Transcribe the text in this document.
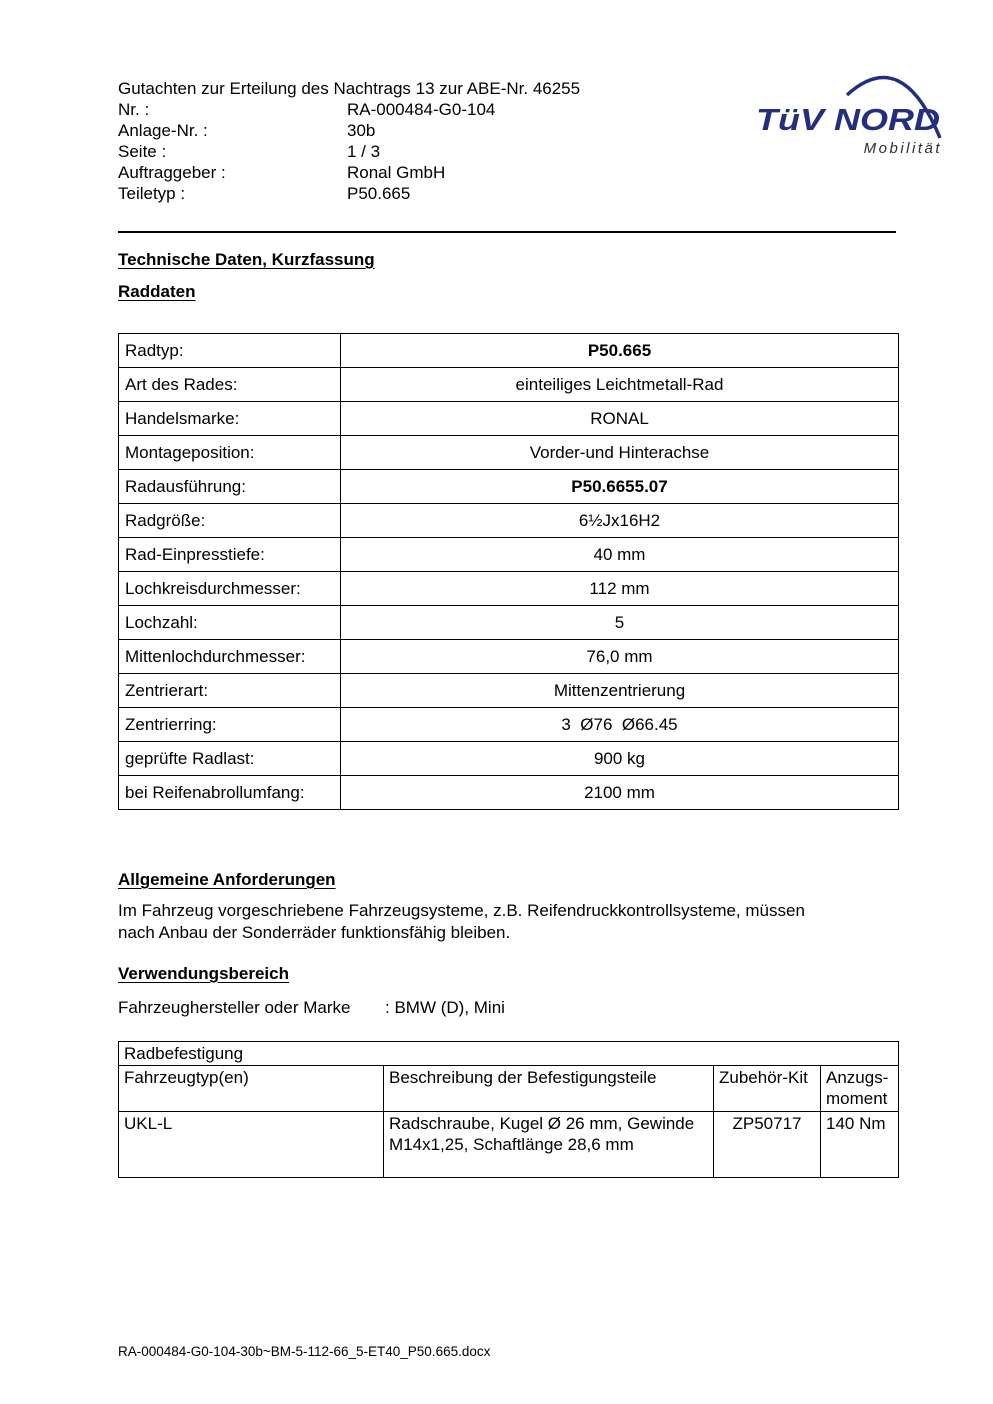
Gutachten zur Erteilung des Nachtrags 13 zur ABE-Nr. 46255
Nr. :	RA-000484-G0-104
Anlage-Nr. :	30b
Seite :	1 / 3
Auftraggeber :	Ronal GmbH
Teiletyp :	P50.665
TüV NORD
Mobilität
Technische Daten, Kurzfassung
Raddaten
Radtyp:	P50.665
Art des Rades:	einteiliges Leichtmetall-Rad
Handelsmarke:	RONAL
Montageposition:	Vorder-und Hinterachse
Radausführung:	P50.6655.07
Radgröße:	6½Jx16H2
Rad-Einpresstiefe:	40 mm
Lochkreisdurchmesser:	112 mm
Lochzahl:	5
Mittenlochdurchmesser:	76,0 mm
Zentrierart:	Mittenzentrierung
Zentrierring:	3  Ø76  Ø66.45
geprüfte Radlast:	900 kg
bei Reifenabrollumfang:	2100 mm
Allgemeine Anforderungen
Im Fahrzeug vorgeschriebene Fahrzeugsysteme, z.B. Reifendruckkontrollsysteme, müssen
nach Anbau der Sonderräder funktionsfähig bleiben.
Verwendungsbereich
Fahrzeughersteller oder Marke : BMW (D), Mini
Radbefestigung			
Fahrzeugtyp(en)	Beschreibung der Befestigungsteile	Zubehör-Kit	Anzugs-moment
UKL-L	Radschraube, Kugel Ø 26 mm, Gewinde M14x1,25, Schaftlänge 28,6 mm	ZP50717	140 Nm
RA-000484-G0-104-30b~BM-5-112-66_5-ET40_P50.665.docx
